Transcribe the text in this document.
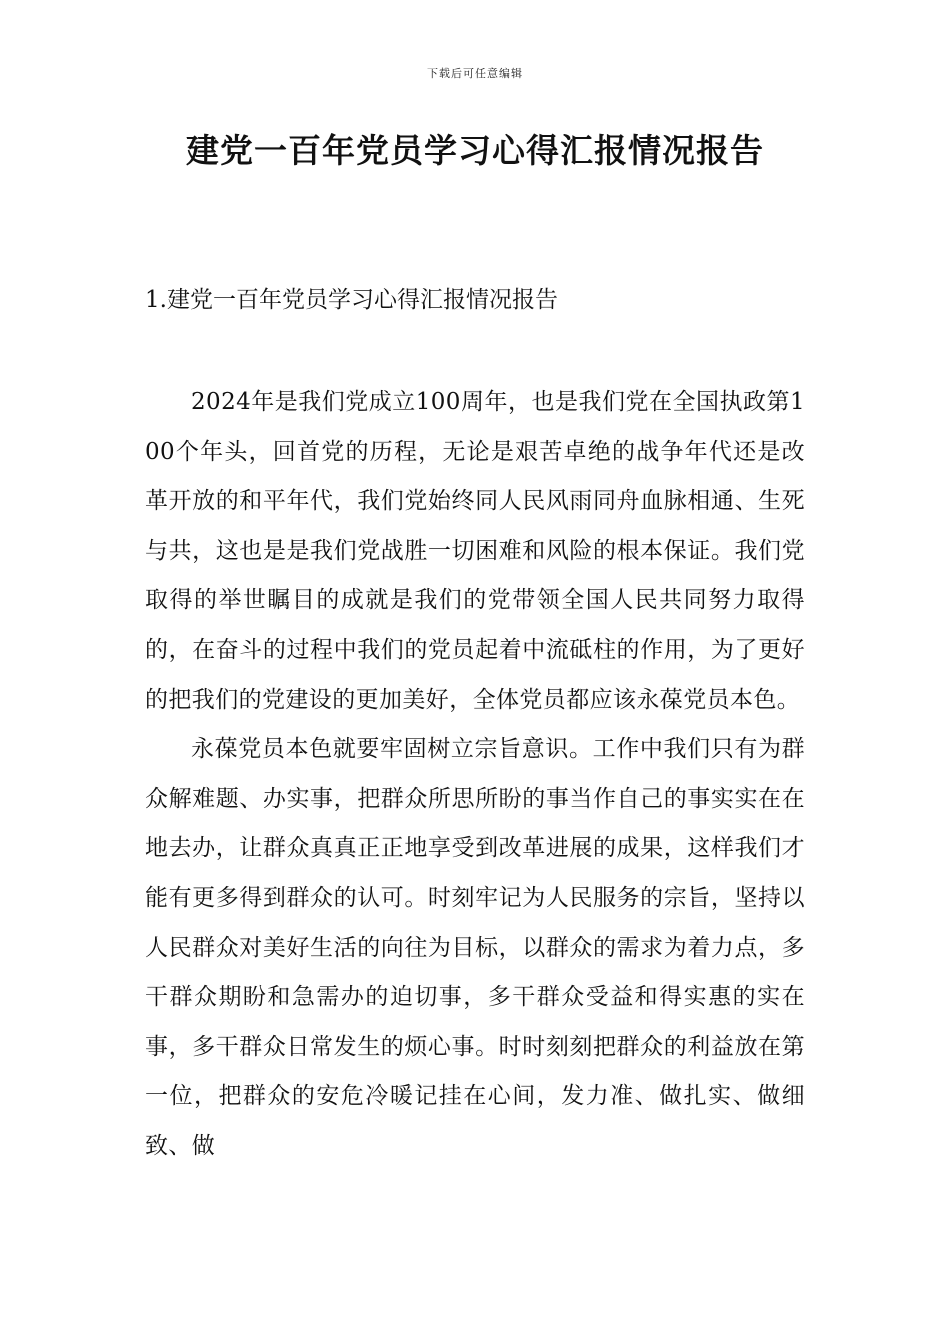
下载后可任意编辑
建党一百年党员学习心得汇报情况报告

1.建党一百年党员学习心得汇报情况报告

2024年是我们党成立100周年，也是我们党在全国执政第100个年头，回首党的历程，无论是艰苦卓绝的战争年代还是改革开放的和平年代，我们党始终同人民风雨同舟血脉相通、生死与共，这也是是我们党战胜一切困难和风险的根本保证。我们党取得的举世瞩目的成就是我们的党带领全国人民共同努力取得的，在奋斗的过程中我们的党员起着中流砥柱的作用，为了更好的把我们的党建设的更加美好，全体党员都应该永葆党员本色。

永葆党员本色就要牢固树立宗旨意识。工作中我们只有为群众解难题、办实事，把群众所思所盼的事当作自己的事实实在在地去办，让群众真真正正地享受到改革进展的成果，这样我们才能有更多得到群众的认可。时刻牢记为人民服务的宗旨，坚持以人民群众对美好生活的向往为目标，以群众的需求为着力点，多干群众期盼和急需办的迫切事，多干群众受益和得实惠的实在事，多干群众日常发生的烦心事。时时刻刻把群众的利益放在第一位，把群众的安危冷暖记挂在心间，发力准、做扎实、做细致、做
